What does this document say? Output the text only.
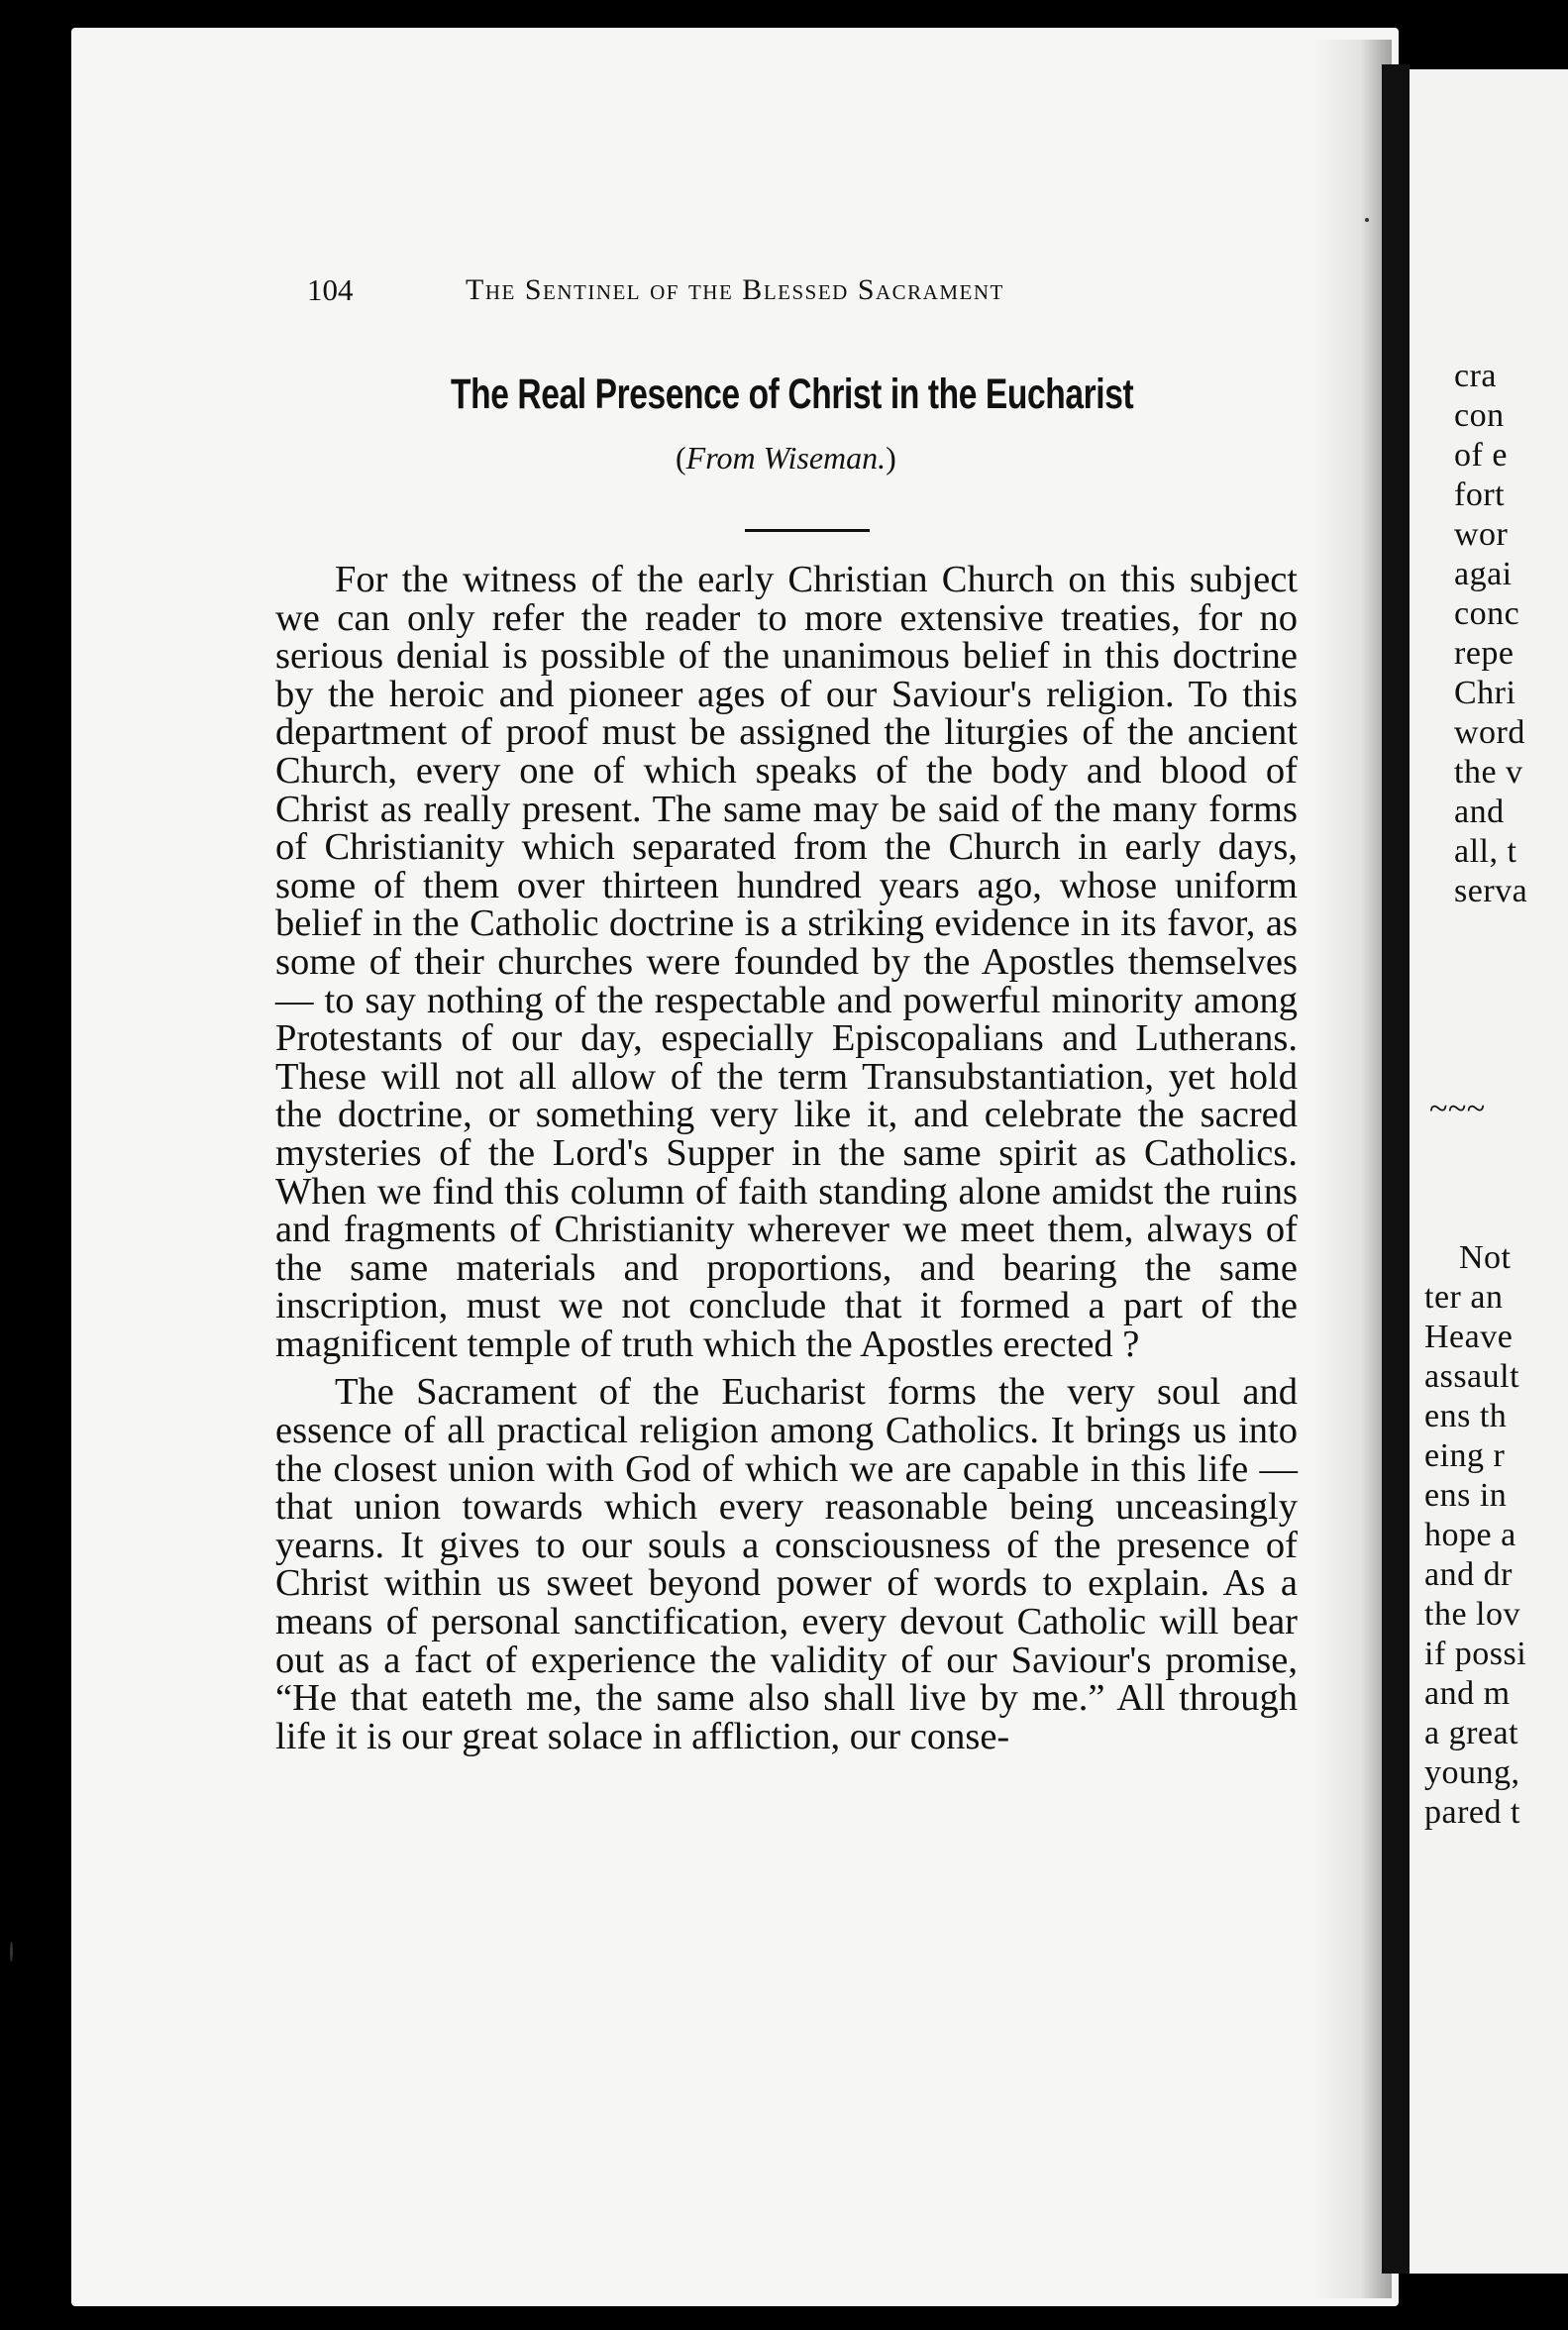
104	The Sentinel of the Blessed Sacrament
The Real Presence of Christ in the Eucharist
(From Wiseman.)

For the witness of the early Christian Church on this subject we can only refer the reader to more extensive treaties, for no serious denial is possible of the unanimous belief in this doctrine by the heroic and pioneer ages of our Saviour's religion. To this department of proof must be assigned the liturgies of the ancient Church, every one of which speaks of the body and blood of Christ as really present. The same may be said of the many forms of Christianity which separated from the Church in early days, some of them over thirteen hundred years ago, whose uniform belief in the Catholic doctrine is a striking evidence in its favor, as some of their churches were founded by the Apostles themselves — to say nothing of the respectable and powerful minority among Protestants of our day, especially Episcopalians and Lutherans. These will not all allow of the term Transubstantiation, yet hold the doctrine, or something very like it, and celebrate the sacred mysteries of the Lord's Supper in the same spirit as Catholics. When we find this column of faith standing alone amidst the ruins and fragments of Christianity wherever we meet them, always of the same materials and proportions, and bearing the same inscription, must we not conclude that it formed a part of the magnificent temple of truth which the Apostles erected ?

The Sacrament of the Eucharist forms the very soul and essence of all practical religion among Catholics. It brings us into the closest union with God of which we are capable in this life — that union towards which every reasonable being unceasingly yearns. It gives to our souls a consciousness of the presence of Christ within us sweet beyond power of words to explain. As a means of personal sanctification, every devout Catholic will bear out as a fact of experience the validity of our Saviour's promise, “He that eateth me, the same also shall live by me.” All through life it is our great solace in affliction, our conse-

cra
con
of e
fort
wor
agai
conc
repe
Chri
word
the v
and
all, t
serva
~~~
Not
ter an
Heave
assault
ens th
eing r
ens in
hope a
and dr
the lov
if possi
and m
a great
young,
pared t
